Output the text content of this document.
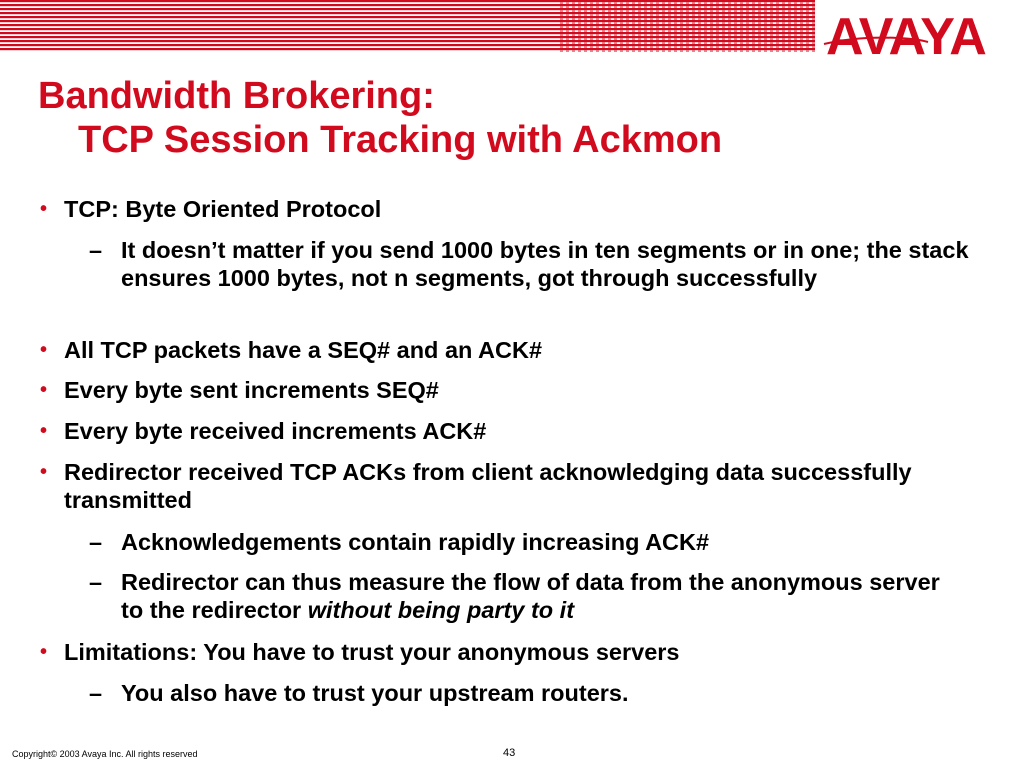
AVAYA
Bandwidth Brokering:
TCP Session Tracking with Ackmon
• TCP: Byte Oriented Protocol
– It doesn’t matter if you send 1000 bytes in ten segments or in one; the stack ensures 1000 bytes, not n segments, got through successfully
• All TCP packets have a SEQ# and an ACK#
• Every byte sent increments SEQ#
• Every byte received increments ACK#
• Redirector received TCP ACKs from client acknowledging data successfully transmitted
– Acknowledgements contain rapidly increasing ACK#
– Redirector can thus measure the flow of data from the anonymous server to the redirector without being party to it
• Limitations: You have to trust your anonymous servers
– You also have to trust your upstream routers.
Copyright© 2003 Avaya Inc. All rights reserved	43
